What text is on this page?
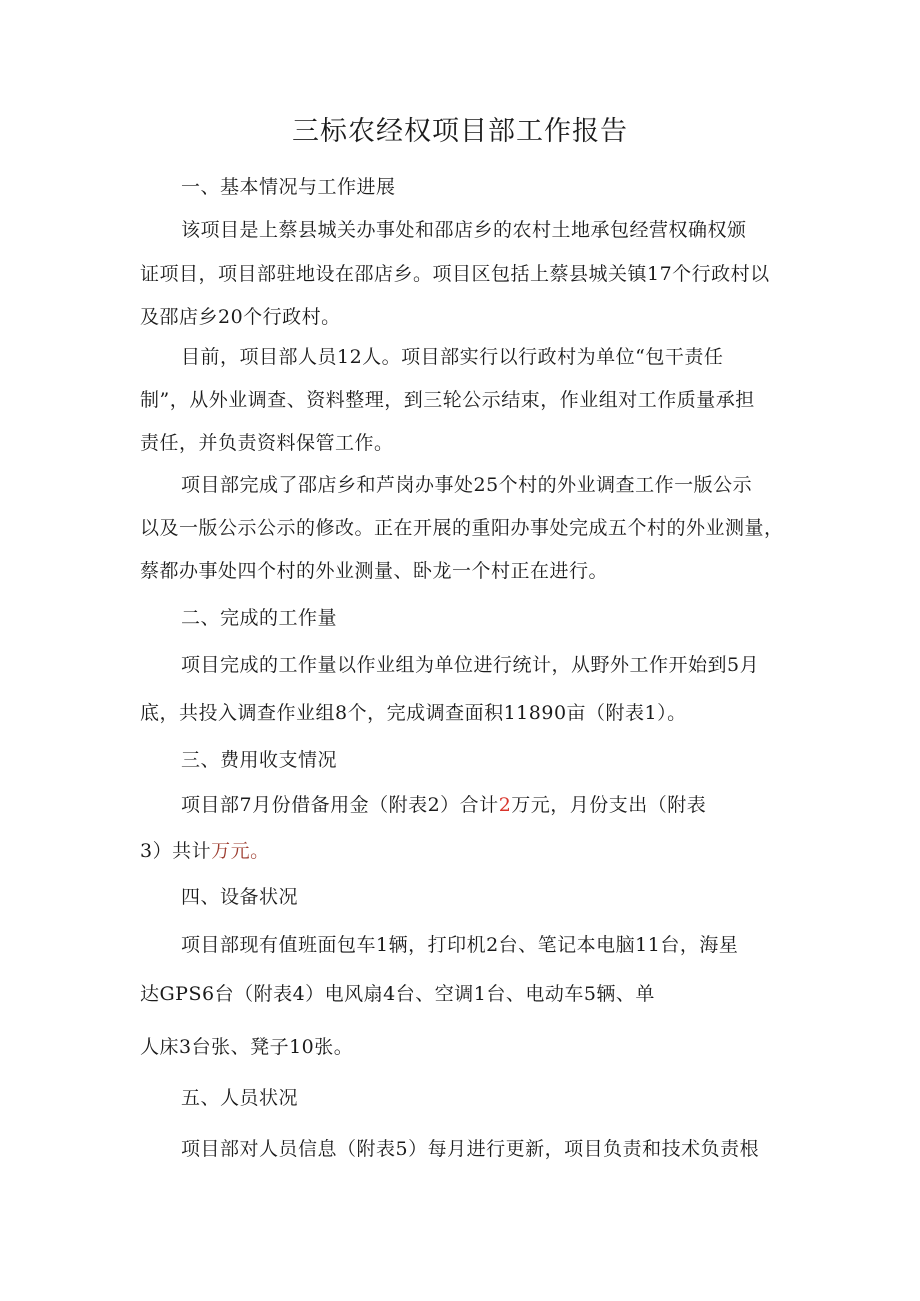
三标农经权项目部工作报告
一、基本情况与工作进展
该项目是上蔡县城关办事处和邵店乡的农村土地承包经营权确权颁
证项目，项目部驻地设在邵店乡。项目区包括上蔡县城关镇17个行政村以
及邵店乡20个行政村。
目前，项目部人员12人。项目部实行以行政村为单位“包干责任
制”，从外业调查、资料整理，到三轮公示结束，作业组对工作质量承担
责任，并负责资料保管工作。
项目部完成了邵店乡和芦岗办事处25个村的外业调查工作一版公示
以及一版公示公示的修改。正在开展的重阳办事处完成五个村的外业测量，
蔡都办事处四个村的外业测量、卧龙一个村正在进行。
二、完成的工作量
项目完成的工作量以作业组为单位进行统计，从野外工作开始到5月
底，共投入调查作业组8个，完成调查面积11890亩（附表1）。
三、费用收支情况
项目部7月份借备用金（附表2）合计2万元，月份支出（附表
3）共计万元。
四、设备状况
项目部现有值班面包车1辆，打印机2台、笔记本电脑11台，海星
达GPS6台（附表4）电风扇4台、空调1台、电动车5辆、单
人床3台张、凳子10张。
五、人员状况
项目部对人员信息（附表5）每月进行更新，项目负责和技术负责根
